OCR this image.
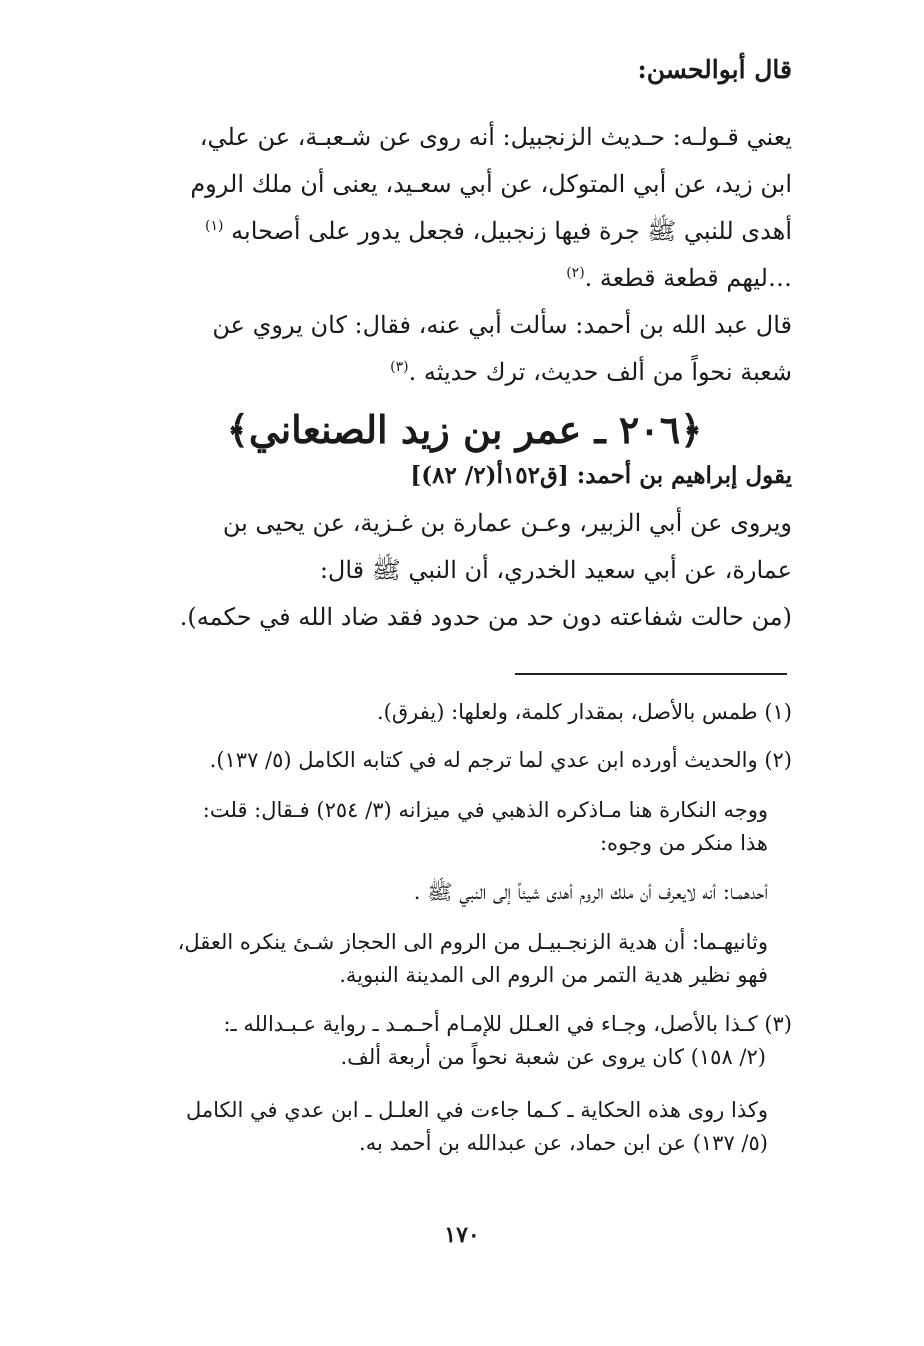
قال أبوالحسن:
يعني قـولـه: حـديث الزنجبيل: أنه روى عن شـعبـة، عن علي،
ابن زيد، عن أبي المتوكل، عن أبي سعـيد، يعنى أن ملك الروم
أهدى للنبي ﷺ جرة فيها زنجبيل، فجعل يدور على أصحابه $^{(١)}$
…ليهم قطعة قطعة .$^{(٢)}$
قال عبد الله بن أحمد: سألت أبي عنه، فقال: كان يروي عن
شعبة نحواً من ألف حديث، ترك حديثه .$^{(٣)}$
﴿٢٠٦ ـ عمر بن زيد الصنعاني﴾
يقول إبراهيم بن أحمد: [ق١٥٢أ(٢/ ٨٢)]
ويروى عن أبي الزبير، وعـن عمارة بن غـزية، عن يحيى بن
عمارة، عن أبي سعيد الخدري، أن النبي ﷺ قال:
(من حالت شفاعته دون حد من حدود فقد ضاد الله في حكمه).
(١) طمس بالأصل، بمقدار كلمة، ولعلها: (يفرق).
(٢) والحديث أورده ابن عدي لما ترجم له في كتابه الكامل (٥/ ١٣٧).
ووجه النكارة هنا مـاذكره الذهبي في ميزانه (٣/ ٢٥٤) فـقال: قلت:
هذا منكر من وجوه:
أحدهمـا: أنه لايعرف أن ملك الروم أهدى شيئاً إلى النبي ﷺ .
وثانيهـما: أن هدية الزنجـبيـل من الروم الى الحجاز شـئ ينكره العقل،
فهو نظير هدية التمر من الروم الى المدينة النبوية.
(٣) كـذا بالأصل، وجـاء في العـلل للإمـام أحـمـد ـ رواية عـبـدالله ـ:
(٢/ ١٥٨) كان يروى عن شعبة نحواً من أربعة ألف.
وكذا روى هذه الحكاية ـ كـما جاءت في العلـل ـ ابن عدي في الكامل
(٥/ ١٣٧) عن ابن حماد، عن عبدالله بن أحمد به.
١٧٠
